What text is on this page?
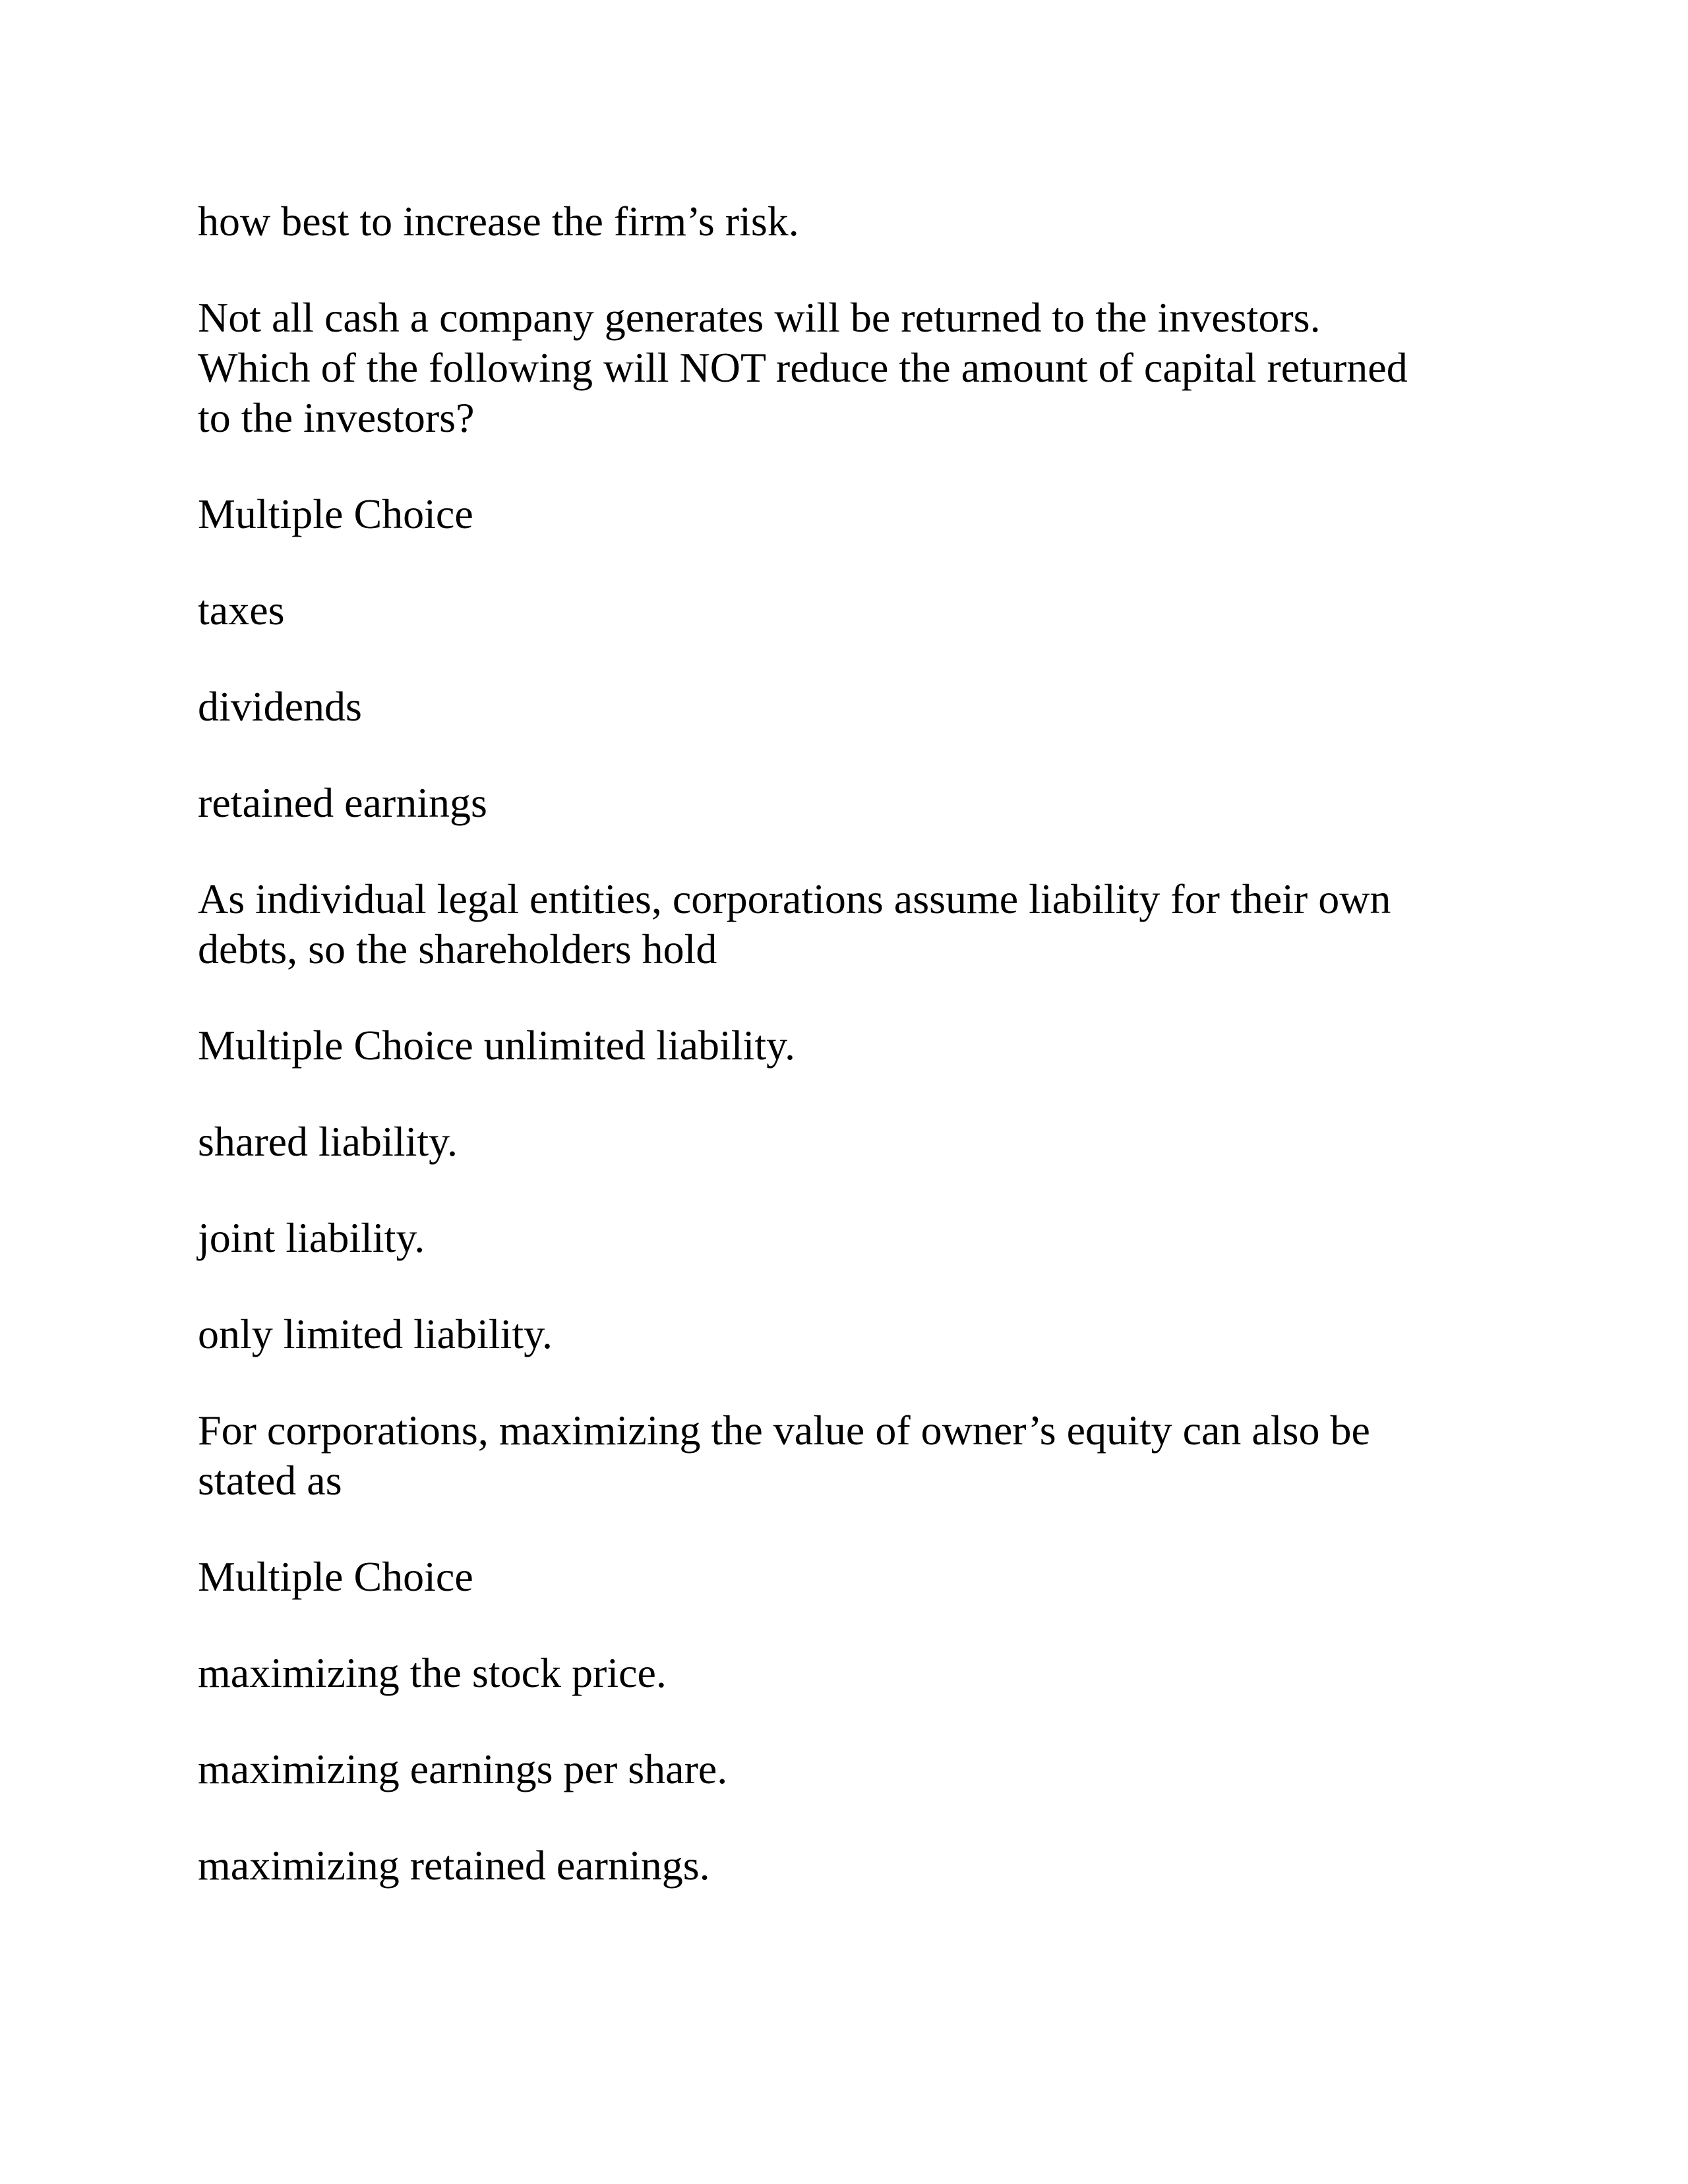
how best to increase the firm’s risk.

Not all cash a company generates will be returned to the investors.

Which of the following will NOT reduce the amount of capital returned

to the investors?

Multiple Choice

taxes

dividends

retained earnings

As individual legal entities, corporations assume liability for their own

debts, so the shareholders hold

Multiple Choice unlimited liability.

shared liability.

joint liability.

only limited liability.

For corporations, maximizing the value of owner’s equity can also be

stated as

Multiple Choice

maximizing the stock price.

maximizing earnings per share.

maximizing retained earnings.
